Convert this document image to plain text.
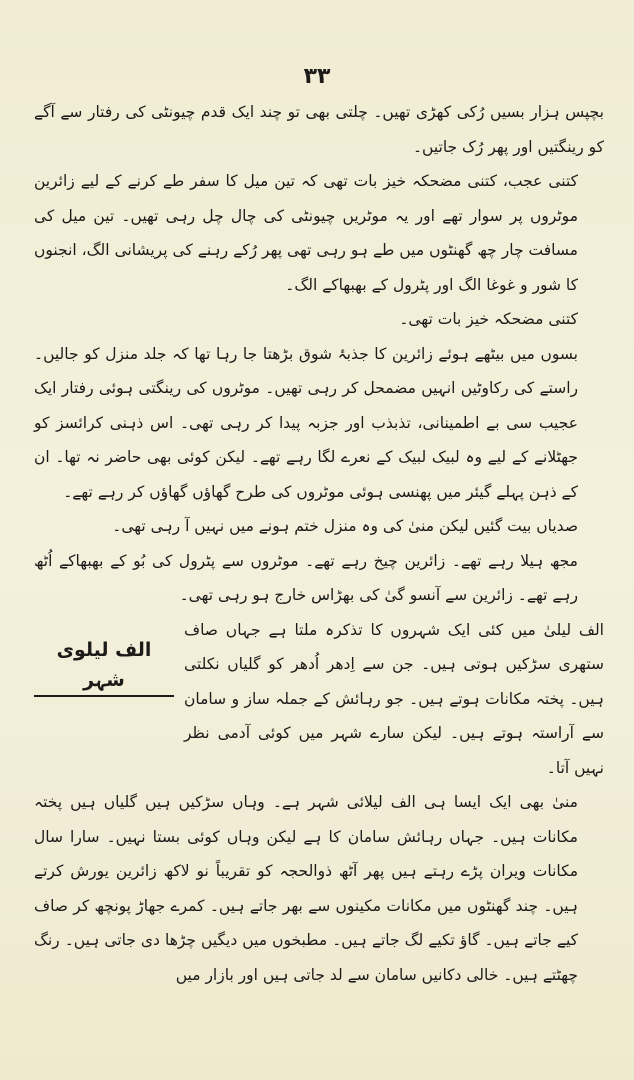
۳۳

بچپس ہزار بسیں رُکی کھڑی تھیں۔ چلتی بھی تو چند ایک قدم چیونٹی کی رفتار سے آگے کو رینگتیں اور پھر رُک جاتیں۔

کتنی عجب، کتنی مضحکہ خیز بات تھی کہ تین میل کا سفر طے کرنے کے لیے زائرین موٹروں پر سوار تھے اور یہ موٹریں چیونٹی کی چال چل رہی تھیں۔ تین میل کی مسافت چار چھ گھنٹوں میں طے ہو رہی تھی پھر رُکے رہنے کی پریشانی الگ، انجنوں کا شور و غوغا الگ اور پٹرول کے بھبھاکے الگ۔

کتنی مضحکہ خیز بات تھی۔

بسوں میں بیٹھے ہوئے زائرین کا جذبۂ شوق بڑھتا جا رہا تھا کہ جلد منزل کو جالیں۔ راستے کی رکاوٹیں انہیں مضمحل کر رہی تھیں۔ موٹروں کی رینگتی ہوئی رفتار ایک عجیب سی بے اطمینانی، تذبذب اور جزبہ پیدا کر رہی تھی۔ اس ذہنی کرائسز کو جھٹلانے کے لیے وہ لبیک لبیک کے نعرے لگا رہے تھے۔ لیکن کوئی بھی حاضر نہ تھا۔ ان کے ذہن پہلے گیئر میں پھنسی ہوئی موٹروں کی طرح گھاؤں گھاؤں کر رہے تھے۔

صدیاں بیت گئیں لیکن منیٰ کی وہ منزل ختم ہونے میں نہیں آ رہی تھی۔

مجھ ہیلا رہے تھے۔ زائرین چیخ رہے تھے۔ موٹروں سے پٹرول کی بُو کے بھبھاکے اُٹھ رہے تھے۔ زائرین سے آنسو گیٰ کی بھڑاس خارج ہو رہی تھی۔

الف لیلوی شہر

الف لیلیٰ میں کئی ایک شہروں کا تذکرہ ملتا ہے جہاں صاف ستھری سڑکیں ہوتی ہیں۔ جن سے اِدھر اُدھر کو گلیاں نکلتی ہیں۔ پختہ مکانات ہوتے ہیں۔ جو رہائش کے جملہ ساز و سامان سے آراستہ ہوتے ہیں۔ لیکن سارے شہر میں کوئی آدمی نظر نہیں آتا۔

منیٰ بھی ایک ایسا ہی الف لیلائی شہر ہے۔ وہاں سڑکیں ہیں گلیاں ہیں پختہ مکانات ہیں۔ جہاں رہائش سامان کا ہے لیکن وہاں کوئی بستا نہیں۔ سارا سال مکانات ویران پڑے رہتے ہیں پھر آٹھ ذوالحجہ کو تقریباً نو لاکھ زائرین یورش کرتے ہیں۔ چند گھنٹوں میں مکانات مکینوں سے بھر جاتے ہیں۔ کمرے جھاڑ پونچھ کر صاف کیے جاتے ہیں۔ گاؤ تکیے لگ جاتے ہیں۔ مطبخوں میں دیگیں چڑھا دی جاتی ہیں۔ رنگ چھٹتے ہیں۔ خالی دکانیں سامان سے لد جاتی ہیں اور بازار میں
